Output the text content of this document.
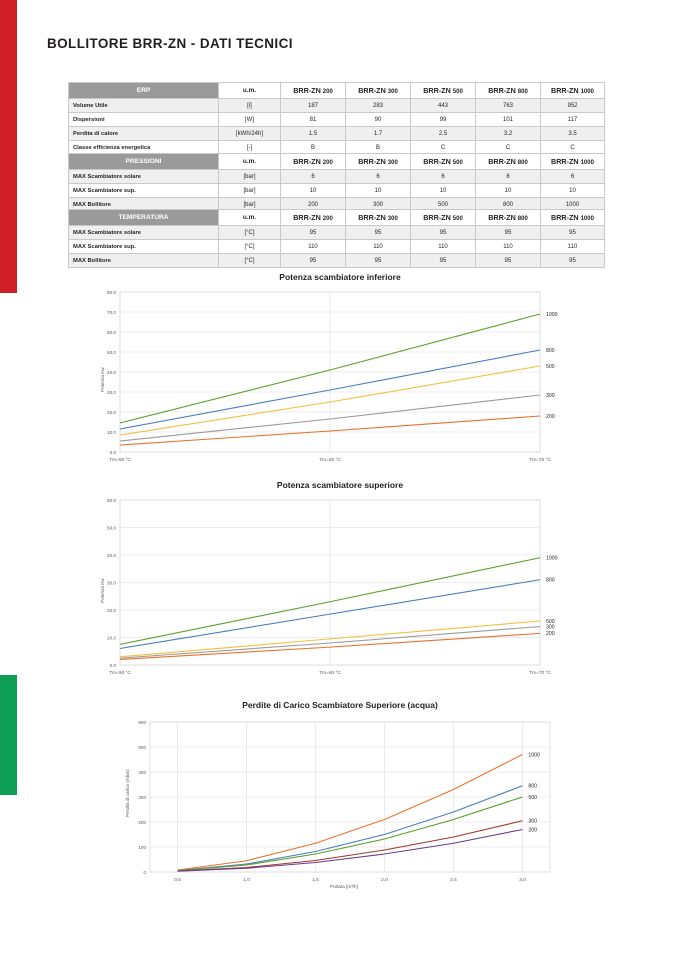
BOLLITORE BRR-ZN - DATI TECNICI
ERP	u.m.	BRR-ZN 200	BRR-ZN 300	BRR-ZN 500	BRR-ZN 800	BRR-ZN 1000
Volume Utile	[l]	187	283	443	763	952
Dispersioni	[W]	81	90	99	101	117
Perdita di calore	[kWh/24h]	1.5	1.7	2.5	3.2	3.5
Classe efficienza energetica	[-]	B	B	C	C	C
PRESSIONI	u.m.	BRR-ZN 200	BRR-ZN 300	BRR-ZN 500	BRR-ZN 800	BRR-ZN 1000
MAX Scambiatore solare	[bar]	6	6	6	6	6
MAX Scambiatore sup.	[bar]	10	10	10	10	10
MAX Bollitore	[bar]	200	300	500	800	1000
TEMPERATURA	u.m.	BRR-ZN 200	BRR-ZN 300	BRR-ZN 500	BRR-ZN 800	BRR-ZN 1000
MAX Scambiatore solare	[°C]	95	95	95	95	95
MAX Scambiatore sup.	[°C]	110	110	110	110	110
MAX Bollitore	[°C]	95	95	95	95	95
Potenza scambiatore inferiore
0.0
10.0
20.0
30.0
40.0
50.0
60.0
70.0
80.0
Tm=50 °C	Tm=60 °C	Tm=70 °C
1000
800
500
300
200
Potenza Kw
Potenza scambiatore superiore
0.0
10.0
20.0
30.0
40.0
50.0
60.0
Tm=50 °C	Tm=60 °C	Tm=70 °C
1000
800
500
300
200
Potenza Kw
Perdite di Carico Scambiatore Superiore (acqua)
0
100
200
300
400
500
600
0,5	1,0	1,5	2,0	2,5	3,0
1000
800
500
300
200
Perdita di carico (mbar)
Portata [m³/h]
